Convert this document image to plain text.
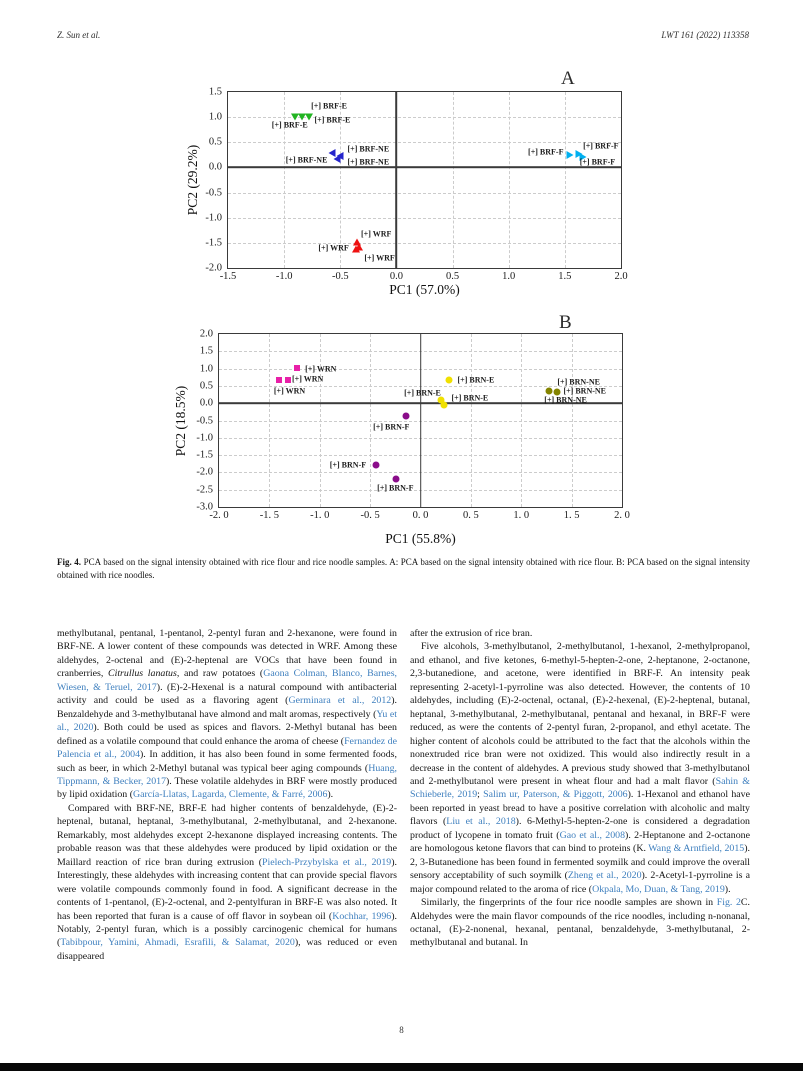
Z. Sun et al.	LWT 161 (2022) 113358
A
PC2 (29.2%)
-1.5	-1.0	-0.5	0.0	0.5	1.0	1.5	2.0
1.5
1.0
0.5
0.0
-0.5
-1.0
-1.5
-2.0
[+] BRF-E
[+] BRF-E
[+] BRF-E
[+] BRF-NE
[+] BRF-NE	[+] BRF-NE
[+] BRF-F
[+] BRF-F
[+] BRF-F
[+] WRF
[+] WRF
[+] WRF
PC1 (57.0%)
B
PC2 (18.5%)
-2. 0	-1. 5	-1. 0	-0. 5	0. 0	0. 5	1. 0	1. 5	2. 0
2.0
1.5
1.0
0.5
0.0
-0.5
-1.0
-1.5
-2.0
-2.5
-3.0
[+] WRN
[+] WRN
[+] WRN
[+] BRN-E
[+] BRN-E
[+] BRN-E
[+] BRN-NE
[+] BRN-NE
[+] BRN-NE
[+] BRN-F
[+] BRN-F
[+] BRN-F
PC1 (55.8%)
Fig. 4. PCA based on the signal intensity obtained with rice flour and rice noodle samples. A: PCA based on the signal intensity obtained with rice flour. B: PCA based on the signal intensity obtained with rice noodles.

methylbutanal, pentanal, 1-pentanol, 2-pentyl furan and 2-hexanone, were found in BRF-NE. A lower content of these compounds was detected in WRF. Among these aldehydes, 2-octenal and (E)-2-heptenal are VOCs that have been found in cranberries, Citrullus lanatus, and raw potatoes (Gaona Colman, Blanco, Barnes, Wiesen, & Teruel, 2017). (E)-2-Hexenal is a natural compound with antibacterial activity and could be used as a flavoring agent (Germinara et al., 2012). Benzaldehyde and 3-methylbutanal have almond and malt aromas, respectively (Yu et al., 2020). Both could be used as spices and flavors. 2-Methyl butanal has been defined as a volatile compound that could enhance the aroma of cheese (Fernandez de Palencia et al., 2004). In addition, it has also been found in some fermented foods, such as beer, in which 2-Methyl butanal was typical beer aging compounds (Huang, Tippmann, & Becker, 2017). These volatile aldehydes in BRF were mostly produced by lipid oxidation (García-Llatas, Lagarda, Clemente, & Farré, 2006).

Compared with BRF-NE, BRF-E had higher contents of benzaldehyde, (E)-2-heptenal, butanal, heptanal, 3-methylbutanal, 2-methylbutanal, and 2-hexanone. Remarkably, most aldehydes except 2-hexanone displayed increasing contents. The probable reason was that these aldehydes were produced by lipid oxidation or the Maillard reaction of rice bran during extrusion (Pielech-Przybylska et al., 2019). Interestingly, these aldehydes with increasing content that can provide special flavors were volatile compounds commonly found in food. A significant decrease in the contents of 1-pentanol, (E)-2-octenal, and 2-pentylfuran in BRF-E was also noted. It has been reported that furan is a cause of off flavor in soybean oil (Kochhar, 1996). Notably, 2-pentyl furan, which is a possibly carcinogenic chemical for humans (Tabibpour, Yamini, Ahmadi, Esrafili, & Salamat, 2020), was reduced or even disappeared

after the extrusion of rice bran.

Five alcohols, 3-methylbutanol, 2-methylbutanol, 1-hexanol, 2-methylpropanol, and ethanol, and five ketones, 6-methyl-5-hepten-2-one, 2-heptanone, 2-octanone, 2,3-butanedione, and acetone, were identified in BRF-F. An intensity peak representing 2-acetyl-1-pyrroline was also detected. However, the contents of 10 aldehydes, including (E)-2-octenal, octanal, (E)-2-hexenal, (E)-2-heptenal, butanal, heptanal, 3-methylbutanal, 2-methylbutanal, pentanal and hexanal, in BRF-F were reduced, as were the contents of 2-pentyl furan, 2-propanol, and ethyl acetate. The higher content of alcohols could be attributed to the fact that the alcohols within the nonextruded rice bran were not oxidized. This would also indirectly result in a decrease in the content of aldehydes. A previous study showed that 3-methylbutanol and 2-methylbutanol were present in wheat flour and had a malt flavor (Sahin & Schieberle, 2019; Salim ur, Paterson, & Piggott, 2006). 1-Hexanol and ethanol have been reported in yeast bread to have a positive correlation with alcoholic and malty flavors (Liu et al., 2018). 6-Methyl-5-hepten-2-one is considered a degradation product of lycopene in tomato fruit (Gao et al., 2008). 2-Heptanone and 2-octanone are homologous ketone flavors that can bind to proteins (K. Wang & Arntfield, 2015). 2, 3-Butanedione has been found in fermented soymilk and could improve the overall sensory acceptability of such soymilk (Zheng et al., 2020). 2-Acetyl-1-pyrroline is a major compound related to the aroma of rice (Okpala, Mo, Duan, & Tang, 2019).

Similarly, the fingerprints of the four rice noodle samples are shown in Fig. 2C. Aldehydes were the main flavor compounds of the rice noodles, including n-nonanal, octanal, (E)-2-nonenal, hexanal, pentanal, benzaldehyde, 3-methylbutanal, 2-methylbutanal and butanal. In

8
